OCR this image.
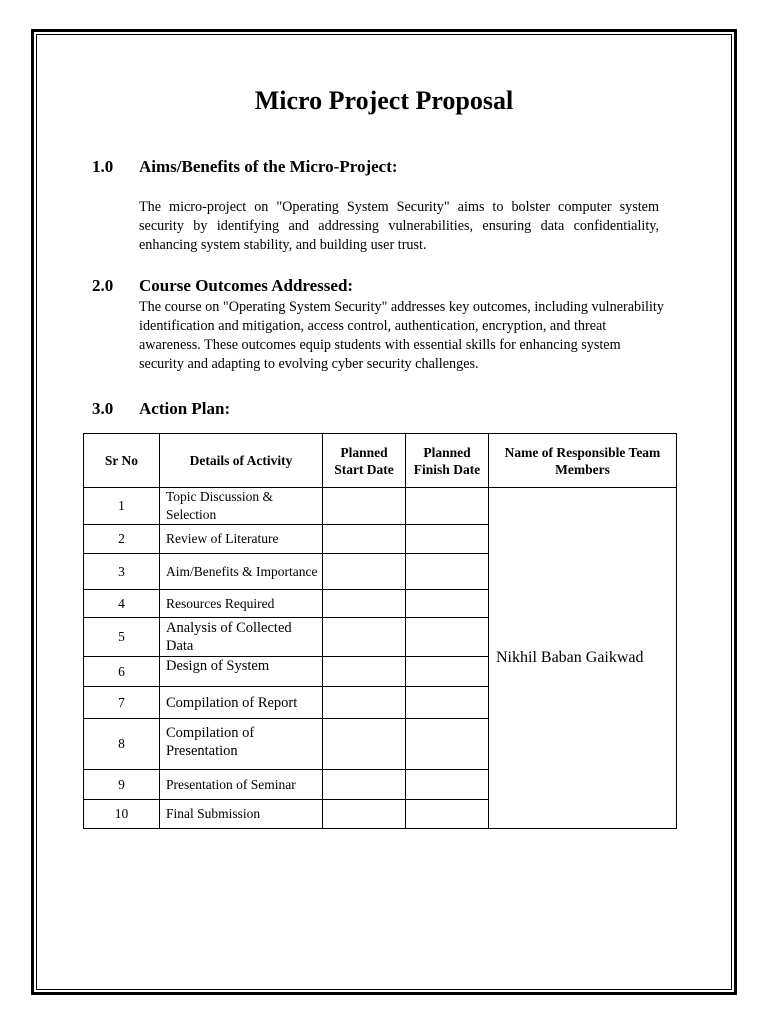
Micro Project Proposal
1.0 Aims/Benefits of the Micro-Project:
The micro-project on "Operating System Security" aims to bolster computer system security by identifying and addressing vulnerabilities, ensuring data confidentiality, enhancing system stability, and building user trust.
2.0 Course Outcomes Addressed:
The course on "Operating System Security" addresses key outcomes, including vulnerability identification and mitigation, access control, authentication, encryption, and threat awareness. These outcomes equip students with essential skills for enhancing system security and adapting to evolving cyber security challenges.
3.0 Action Plan:
Sr No	Details of Activity	Planned Start Date	Planned Finish Date	Name of Responsible Team Members
1	Topic Discussion & Selection			Nikhil Baban Gaikwad
2	Review of Literature			
3	Aim/Benefits & Importance			
4	Resources Required			
5	Analysis of Collected Data			
6	Design of System			
7	Compilation of Report			
8	Compilation of Presentation			
9	Presentation of Seminar			
10	Final Submission			
